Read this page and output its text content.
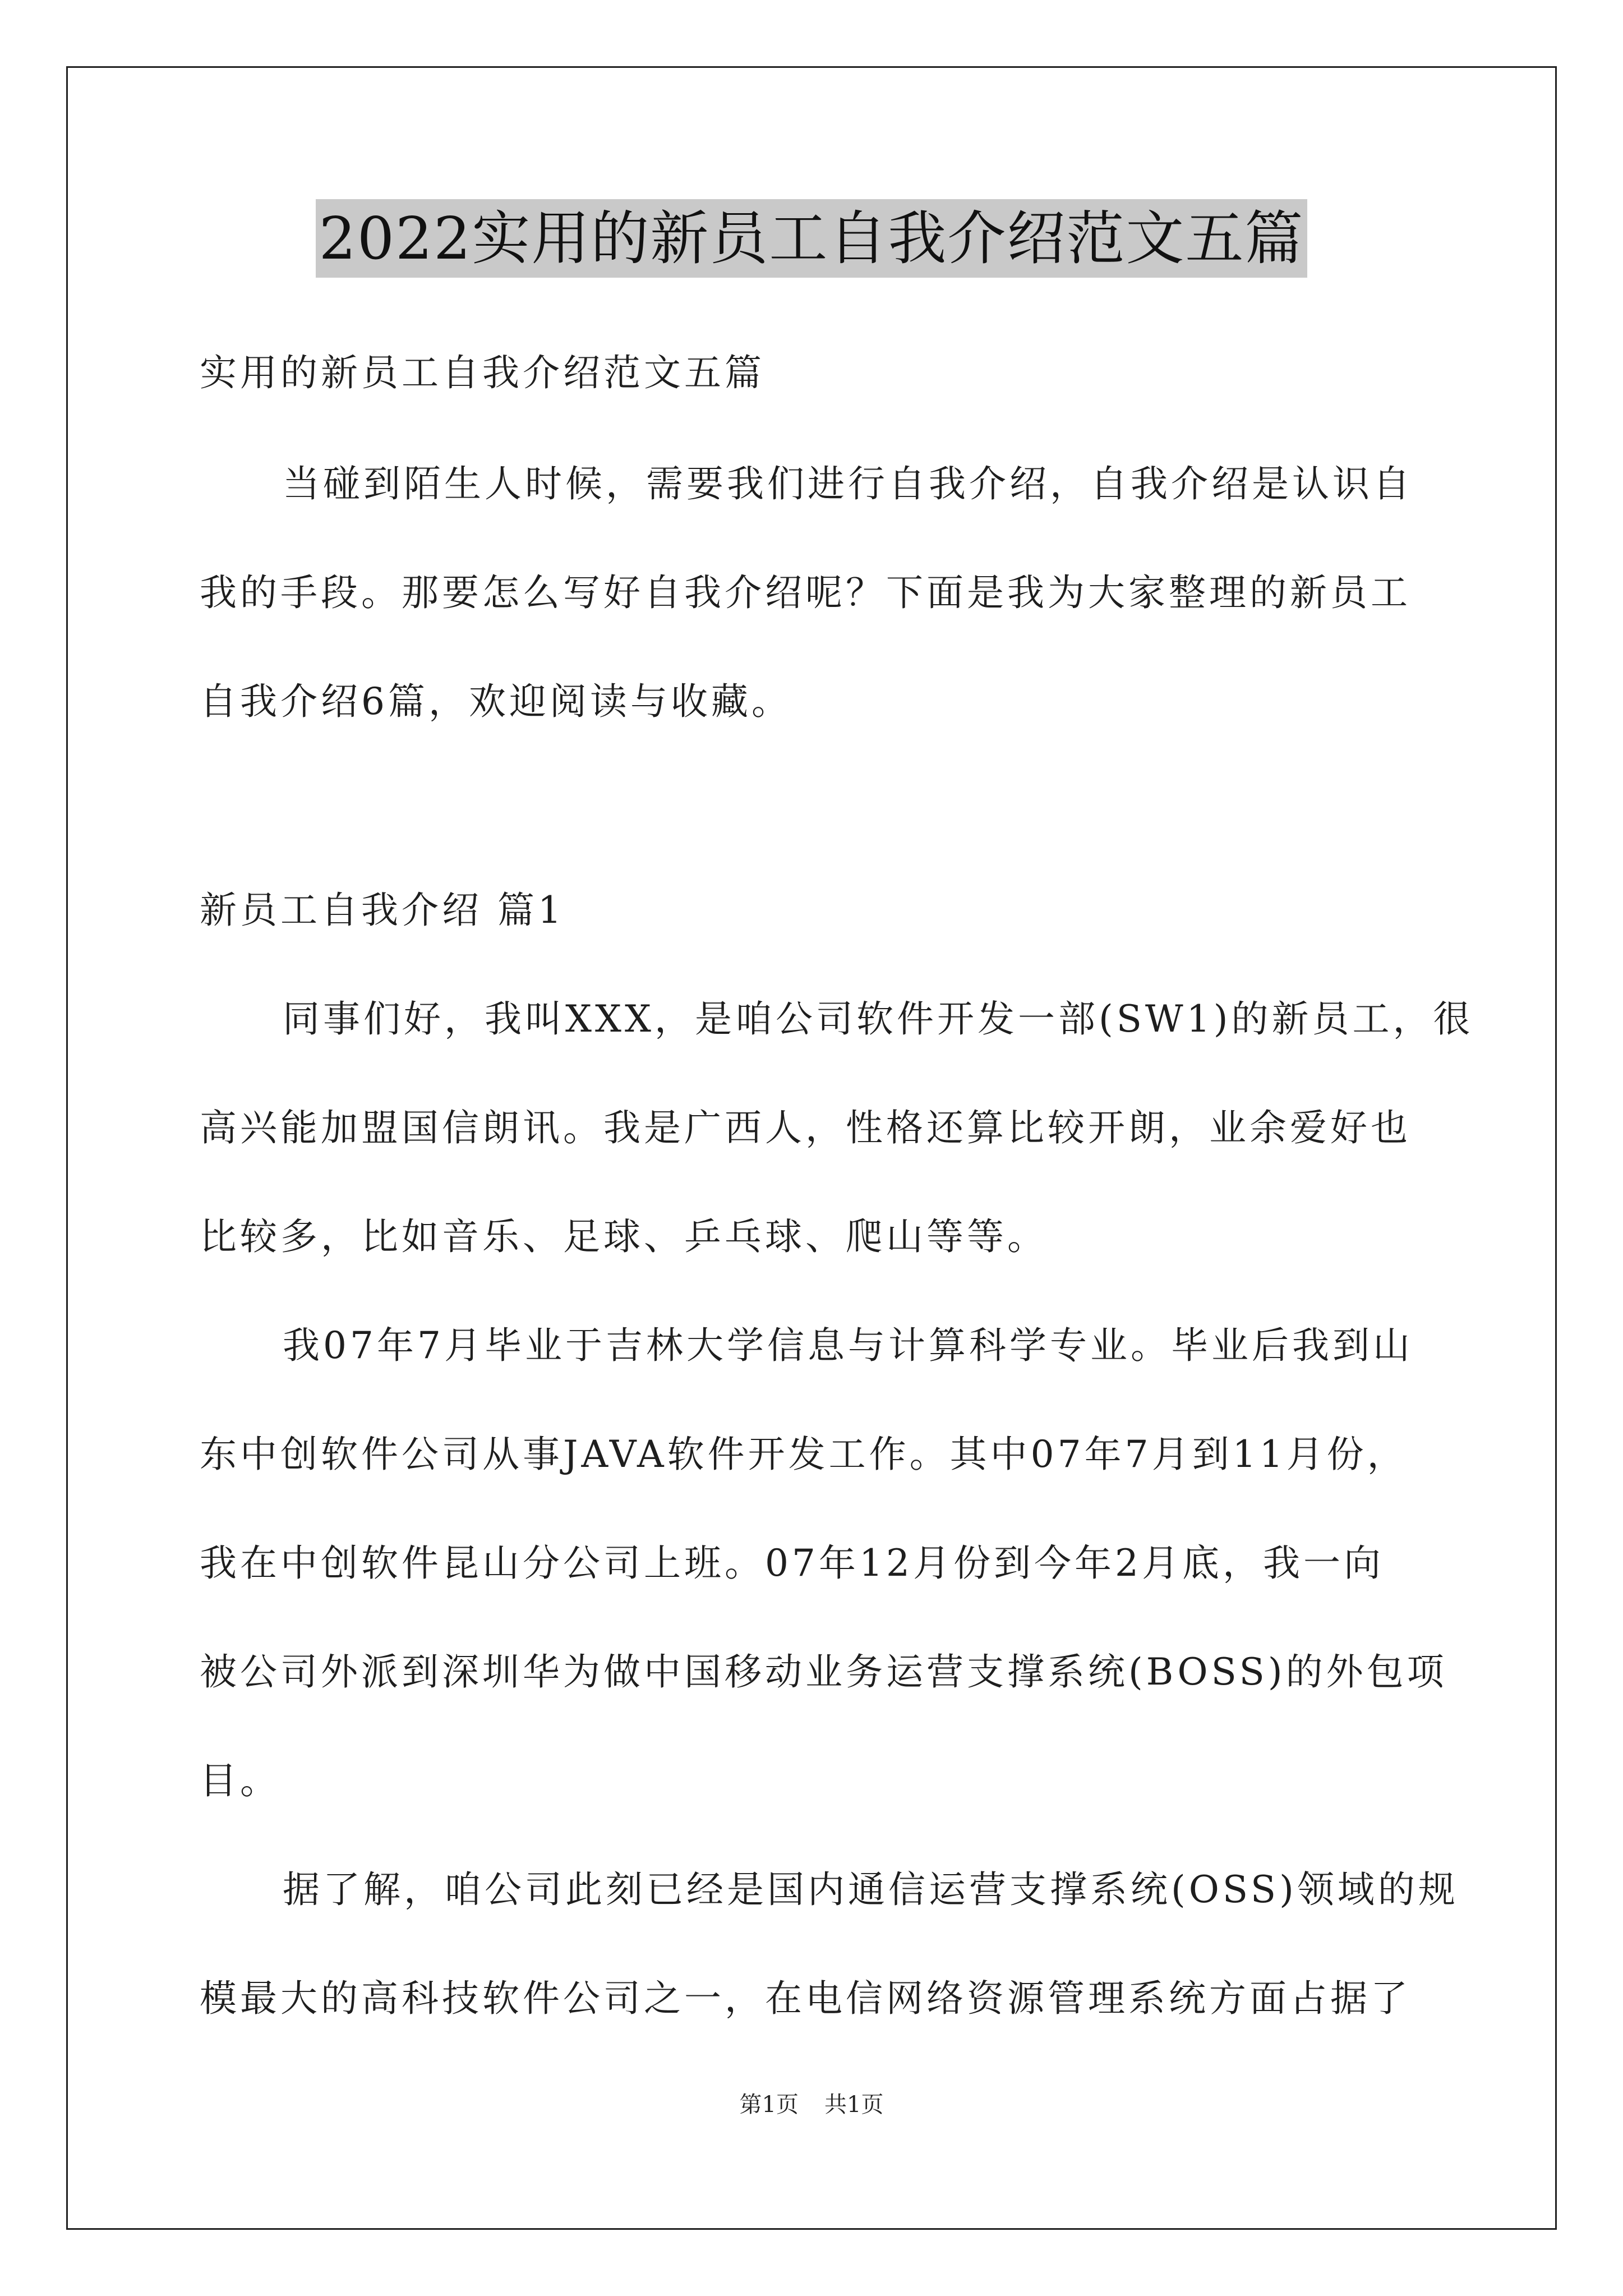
2022实用的新员工自我介绍范文五篇
实用的新员工自我介绍范文五篇
当碰到陌生人时候，需要我们进行自我介绍，自我介绍是认识自
我的手段。那要怎么写好自我介绍呢？下面是我为大家整理的新员工
自我介绍6篇，欢迎阅读与收藏。
新员工自我介绍 篇1
同事们好，我叫XXX，是咱公司软件开发一部(SW1)的新员工，很
高兴能加盟国信朗讯。我是广西人，性格还算比较开朗，业余爱好也
比较多，比如音乐、足球、乒乓球、爬山等等。
我07年7月毕业于吉林大学信息与计算科学专业。毕业后我到山
东中创软件公司从事JAVA软件开发工作。其中07年7月到11月份，
我在中创软件昆山分公司上班。07年12月份到今年2月底，我一向
被公司外派到深圳华为做中国移动业务运营支撑系统(BOSS)的外包项
目。
据了解，咱公司此刻已经是国内通信运营支撑系统(OSS)领域的规
模最大的高科技软件公司之一，在电信网络资源管理系统方面占据了
第1页 共1页
